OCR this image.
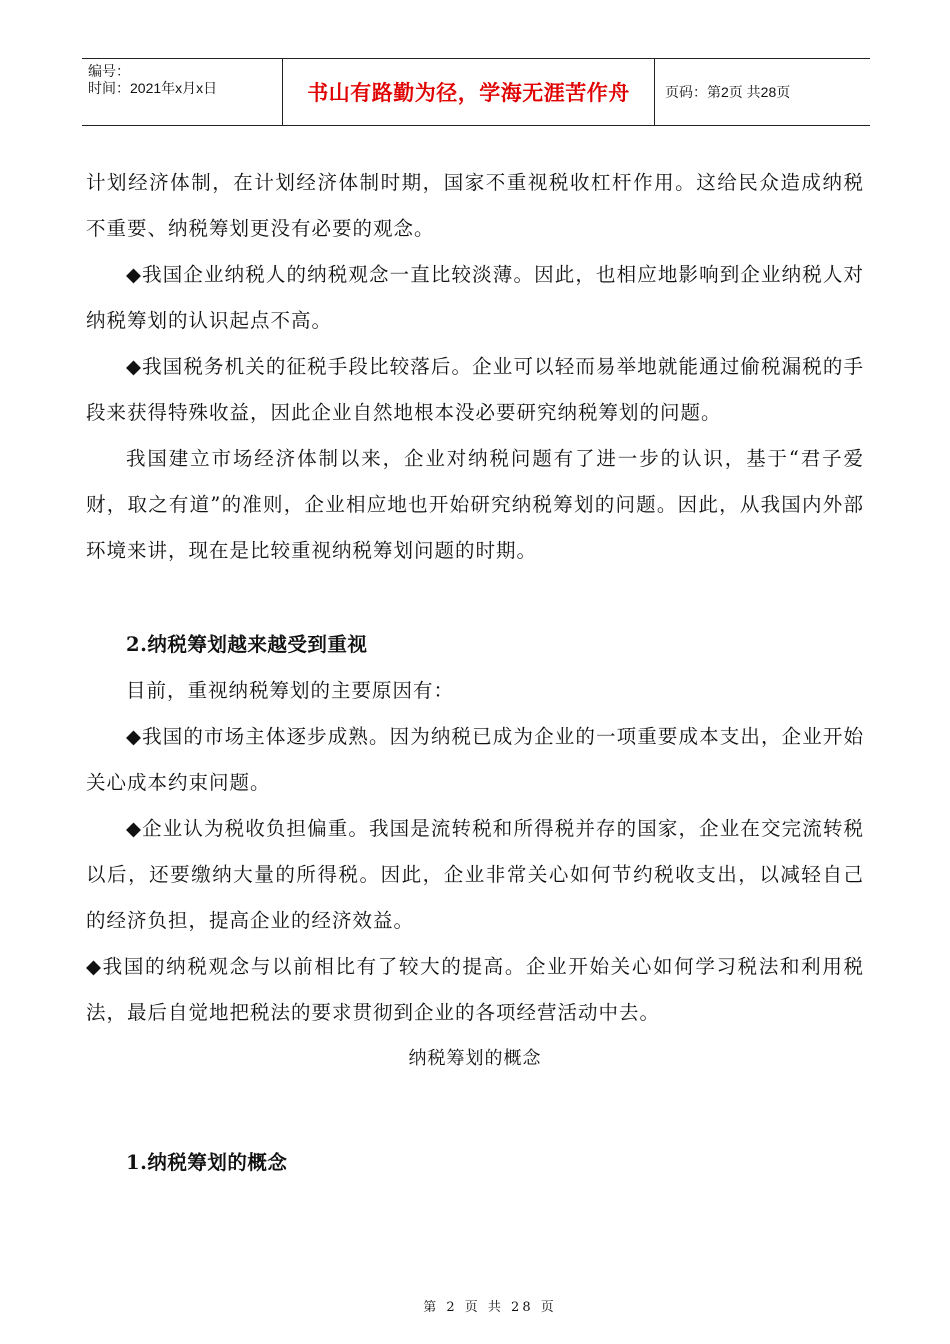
编号：
时间：2021年x月x日	书山有路勤为径，学海无涯苦作舟	页码：第2页 共28页

计划经济体制，在计划经济体制时期，国家不重视税收杠杆作用。这给民众造成纳税不重要、纳税筹划更没有必要的观念。

◆我国企业纳税人的纳税观念一直比较淡薄。因此，也相应地影响到企业纳税人对纳税筹划的认识起点不高。

◆我国税务机关的征税手段比较落后。企业可以轻而易举地就能通过偷税漏税的手段来获得特殊收益，因此企业自然地根本没必要研究纳税筹划的问题。

我国建立市场经济体制以来，企业对纳税问题有了进一步的认识，基于“君子爱财，取之有道”的准则，企业相应地也开始研究纳税筹划的问题。因此，从我国内外部环境来讲，现在是比较重视纳税筹划问题的时期。

2.纳税筹划越来越受到重视

目前，重视纳税筹划的主要原因有：

◆我国的市场主体逐步成熟。因为纳税已成为企业的一项重要成本支出，企业开始关心成本约束问题。

◆企业认为税收负担偏重。我国是流转税和所得税并存的国家，企业在交完流转税以后，还要缴纳大量的所得税。因此，企业非常关心如何节约税收支出，以减轻自己的经济负担，提高企业的经济效益。

◆我国的纳税观念与以前相比有了较大的提高。企业开始关心如何学习税法和利用税法，最后自觉地把税法的要求贯彻到企业的各项经营活动中去。

纳税筹划的概念

1.纳税筹划的概念

第 2 页 共 28 页
